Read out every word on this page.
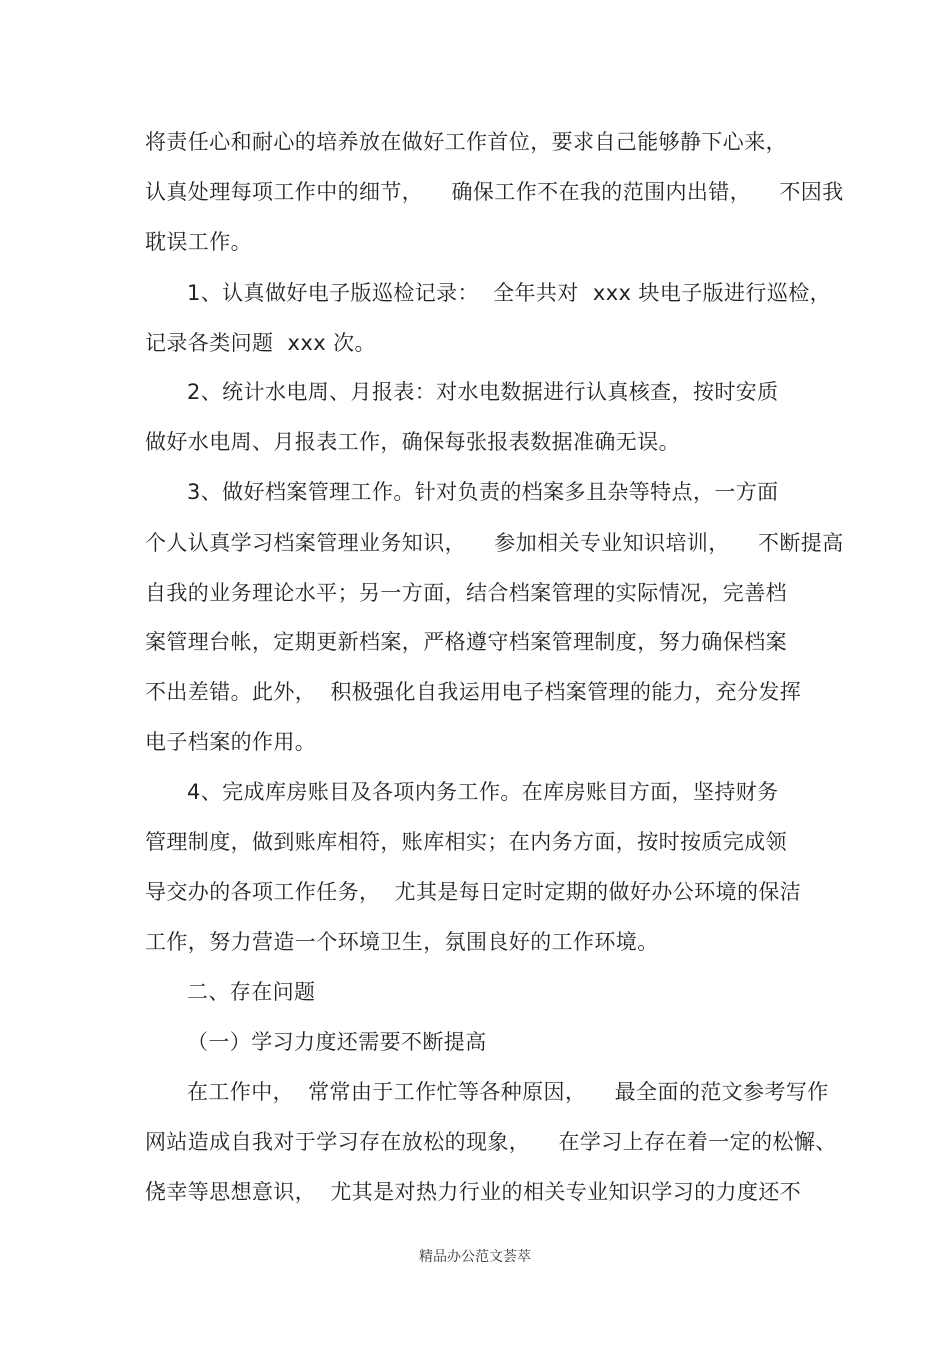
将责任心和耐心的培养放在做好工作首位，要求自己能够静下心来，
认真处理每项工作中的细节，    确保工作不在我的范围内出错，    不因我
耽误工作。
1、认真做好电子版巡检记录：  全年共对  xxx 块电子版进行巡检，
记录各类问题  xxx 次。
2、统计水电周、月报表：对水电数据进行认真核查，按时安质
做好水电周、月报表工作，确保每张报表数据准确无误。
3、做好档案管理工作。针对负责的档案多且杂等特点，一方面
个人认真学习档案管理业务知识，    参加相关专业知识培训，    不断提高
自我的业务理论水平；另一方面，结合档案管理的实际情况，完善档
案管理台帐，定期更新档案，严格遵守档案管理制度，努力确保档案
不出差错。此外，  积极强化自我运用电子档案管理的能力，充分发挥
电子档案的作用。
4、完成库房账目及各项内务工作。在库房账目方面，坚持财务
管理制度，做到账库相符，账库相实；在内务方面，按时按质完成领
导交办的各项工作任务，  尤其是每日定时定期的做好办公环境的保洁
工作，努力营造一个环境卫生，氛围良好的工作环境。
二、存在问题
（一）学习力度还需要不断提高
在工作中，  常常由于工作忙等各种原因，    最全面的范文参考写作
网站造成自我对于学习存在放松的现象，    在学习上存在着一定的松懈、
侥幸等思想意识，  尤其是对热力行业的相关专业知识学习的力度还不
精品办公范文荟萃
